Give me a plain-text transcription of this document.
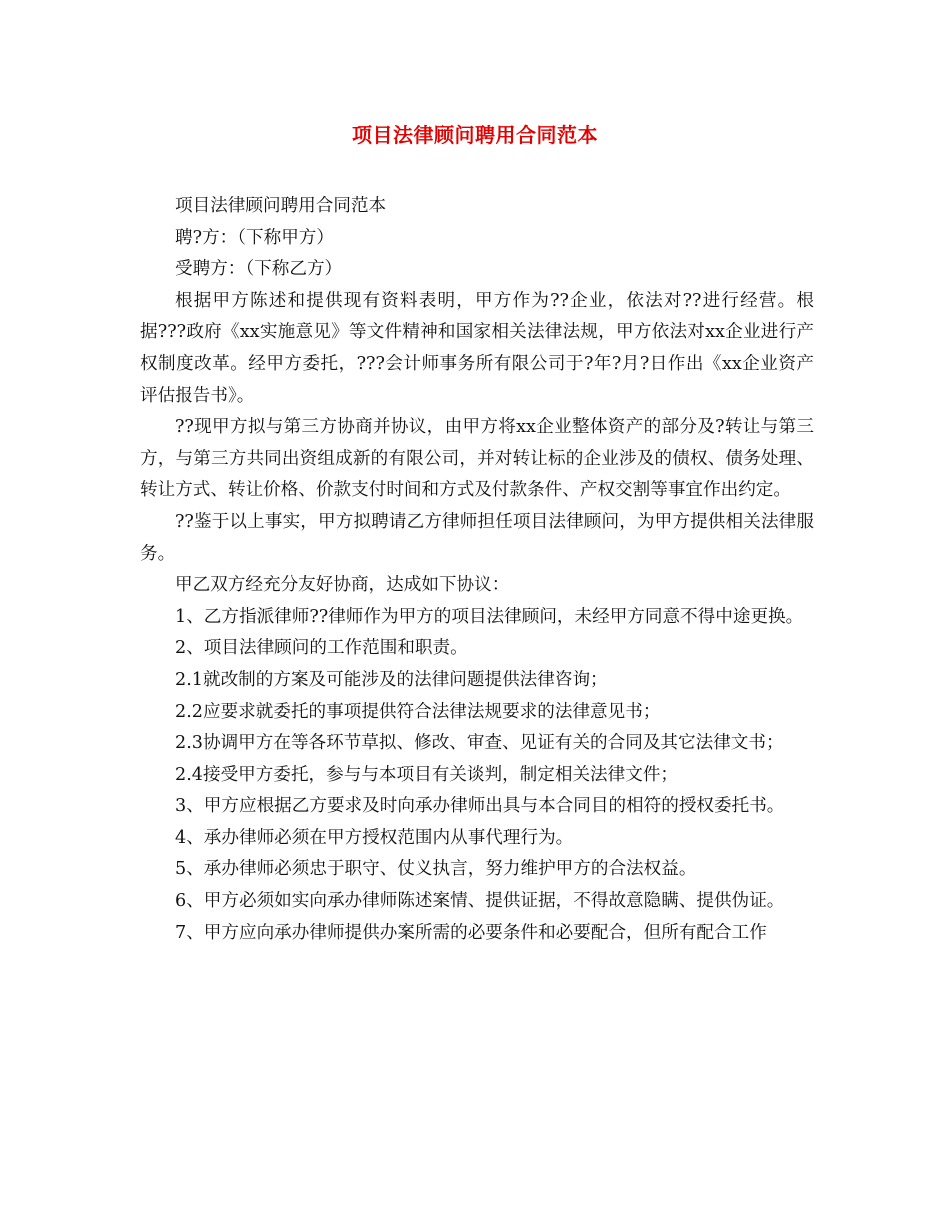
项目法律顾问聘用合同范本

项目法律顾问聘用合同范本

聘?方：（下称甲方）

受聘方：（下称乙方）

根据甲方陈述和提供现有资料表明，甲方作为??企业，依法对??进行经营。根据???政府《xx实施意见》等文件精神和国家相关法律法规，甲方依法对xx企业进行产权制度改革。经甲方委托，???会计师事务所有限公司于?年?月?日作出《xx企业资产评估报告书》。

??现甲方拟与第三方协商并协议，由甲方将xx企业整体资产的部分及?转让与第三方，与第三方共同出资组成新的有限公司，并对转让标的企业涉及的债权、债务处理、转让方式、转让价格、价款支付时间和方式及付款条件、产权交割等事宜作出约定。

??鉴于以上事实，甲方拟聘请乙方律师担任项目法律顾问，为甲方提供相关法律服务。

甲乙双方经充分友好协商，达成如下协议：

1、乙方指派律师??律师作为甲方的项目法律顾问，未经甲方同意不得中途更换。

2、项目法律顾问的工作范围和职责。

2.1就改制的方案及可能涉及的法律问题提供法律咨询；

2.2应要求就委托的事项提供符合法律法规要求的法律意见书；

2.3协调甲方在等各环节草拟、修改、审查、见证有关的合同及其它法律文书；

2.4接受甲方委托，参与与本项目有关谈判，制定相关法律文件；

3、甲方应根据乙方要求及时向承办律师出具与本合同目的相符的授权委托书。

4、承办律师必须在甲方授权范围内从事代理行为。

5、承办律师必须忠于职守、仗义执言，努力维护甲方的合法权益。

6、甲方必须如实向承办律师陈述案情、提供证据，不得故意隐瞒、提供伪证。

7、甲方应向承办律师提供办案所需的必要条件和必要配合，但所有配合工作
